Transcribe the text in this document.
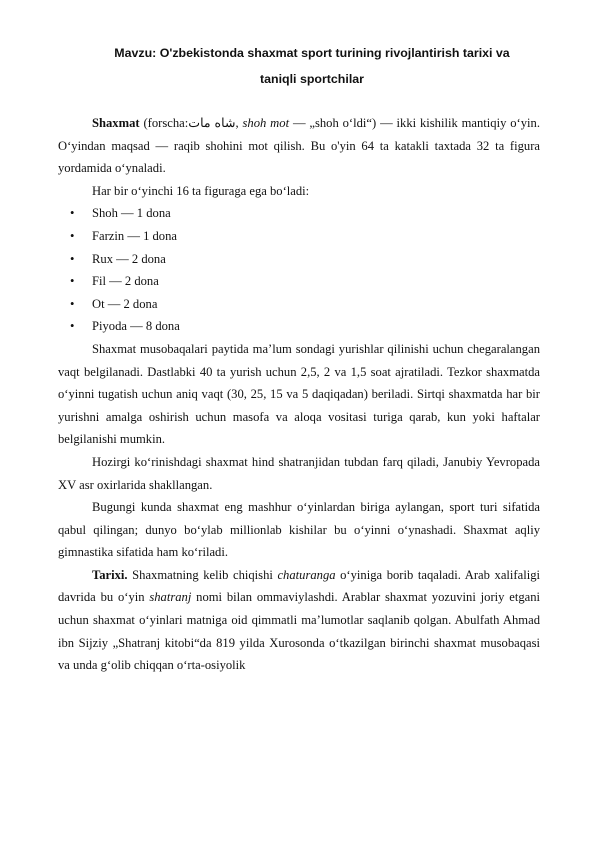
Mavzu: O'zbekistonda shaxmat sport turining rivojlantirish tarixi va
taniqli sportchilar

Shaxmat (forscha:شاه مات, shoh mot — „shoh o‘ldi“) — ikki kishilik mantiqiy o‘yin. O‘yindan maqsad — raqib shohini mot qilish. Bu o'yin 64 ta katakli taxtada 32 ta figura yordamida o‘ynaladi.

Har bir o‘yinchi 16 ta figuraga ega bo‘ladi:

• Shoh — 1 dona
• Farzin — 1 dona
• Rux — 2 dona
• Fil — 2 dona
• Ot — 2 dona
• Piyoda — 8 dona

Shaxmat musobaqalari paytida ma’lum sondagi yurishlar qilinishi uchun chegaralangan vaqt belgilanadi. Dastlabki 40 ta yurish uchun 2,5, 2 va 1,5 soat ajratiladi. Tezkor shaxmatda o‘yinni tugatish uchun aniq vaqt (30, 25, 15 va 5 daqiqadan) beriladi. Sirtqi shaxmatda har bir yurishni amalga oshirish uchun masofa va aloqa vositasi turiga qarab, kun yoki haftalar belgilanishi mumkin.

Hozirgi ko‘rinishdagi shaxmat hind shatranjidan tubdan farq qiladi, Janubiy Yevropada XV asr oxirlarida shakllangan.

Bugungi kunda shaxmat eng mashhur o‘yinlardan biriga aylangan, sport turi sifatida qabul qilingan; dunyo bo‘ylab millionlab kishilar bu o‘yinni o‘ynashadi. Shaxmat aqliy gimnastika sifatida ham ko‘riladi.

Tarixi. Shaxmatning kelib chiqishi chaturanga o‘yiniga borib taqaladi. Arab xalifaligi davrida bu o‘yin shatranj nomi bilan ommaviylashdi. Arablar shaxmat yozuvini joriy etgani uchun shaxmat o‘yinlari matniga oid qimmatli ma’lumotlar saqlanib qolgan. Abulfath Ahmad ibn Sijziy „Shatranj kitobi“da 819 yilda Xurosonda o‘tkazilgan birinchi shaxmat musobaqasi va unda g‘olib chiqqan o‘rta-osiyolik
